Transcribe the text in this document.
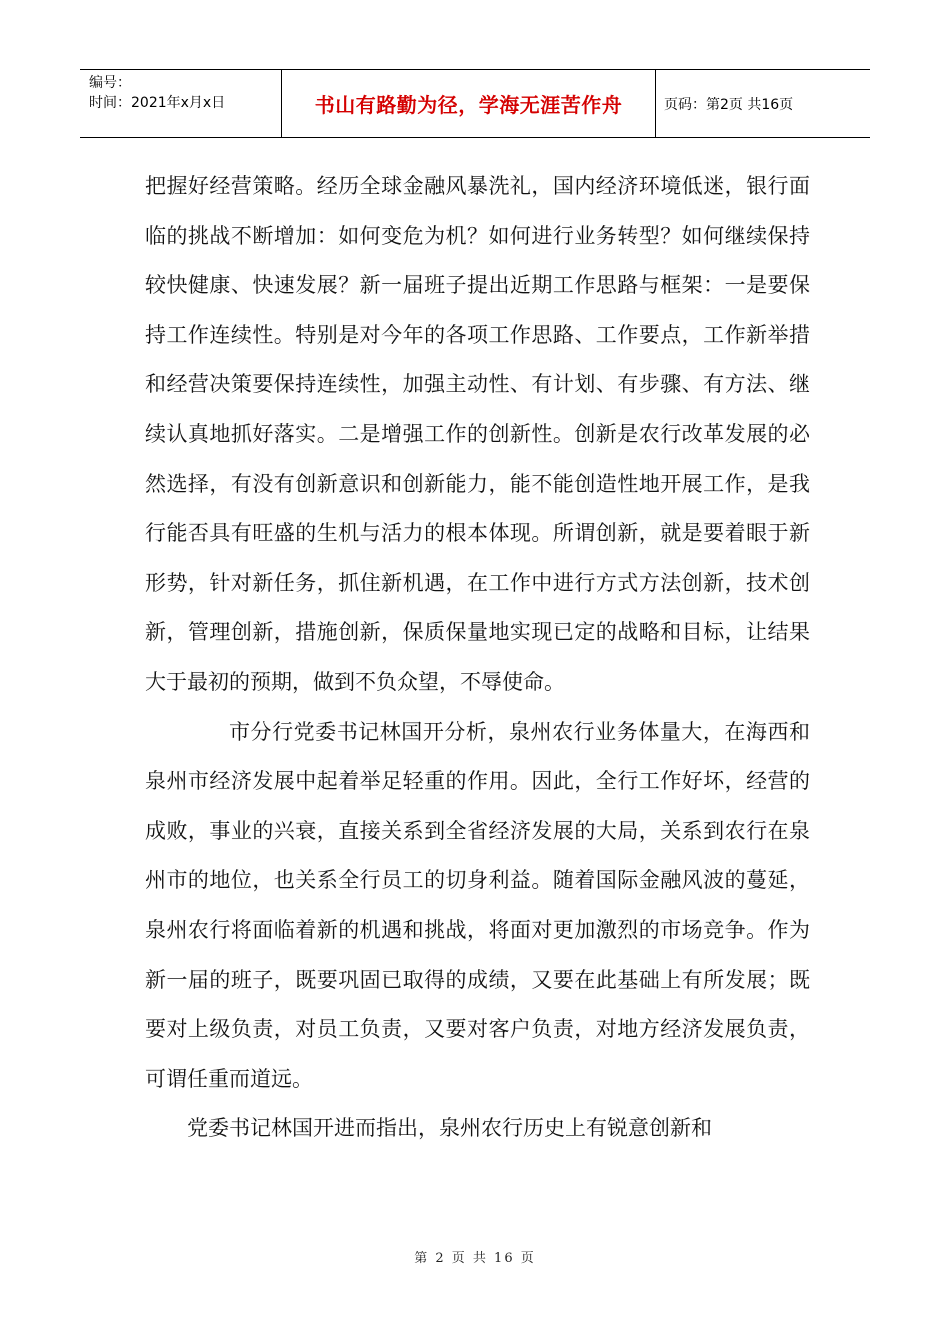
编号：
时间：2021年x月x日	书山有路勤为径，学海无涯苦作舟	页码：第2页 共16页

把握好经营策略。经历全球金融风暴洗礼，国内经济环境低迷，银行面临的挑战不断增加：如何变危为机？如何进行业务转型？如何继续保持较快健康、快速发展？新一届班子提出近期工作思路与框架：一是要保持工作连续性。特别是对今年的各项工作思路、工作要点，工作新举措和经营决策要保持连续性，加强主动性、有计划、有步骤、有方法、继续认真地抓好落实。二是增强工作的创新性。创新是农行改革发展的必然选择，有没有创新意识和创新能力，能不能创造性地开展工作，是我行能否具有旺盛的生机与活力的根本体现。所谓创新，就是要着眼于新形势，针对新任务，抓住新机遇，在工作中进行方式方法创新，技术创新，管理创新，措施创新，保质保量地实现已定的战略和目标，让结果大于最初的预期，做到不负众望，不辱使命。

市分行党委书记林国开分析，泉州农行业务体量大，在海西和泉州市经济发展中起着举足轻重的作用。因此，全行工作好坏，经营的成败，事业的兴衰，直接关系到全省经济发展的大局，关系到农行在泉州市的地位，也关系全行员工的切身利益。随着国际金融风波的蔓延，泉州农行将面临着新的机遇和挑战，将面对更加激烈的市场竞争。作为新一届的班子，既要巩固已取得的成绩，又要在此基础上有所发展；既要对上级负责，对员工负责，又要对客户负责，对地方经济发展负责，可谓任重而道远。

党委书记林国开进而指出，泉州农行历史上有锐意创新和

第 2 页 共 16 页
